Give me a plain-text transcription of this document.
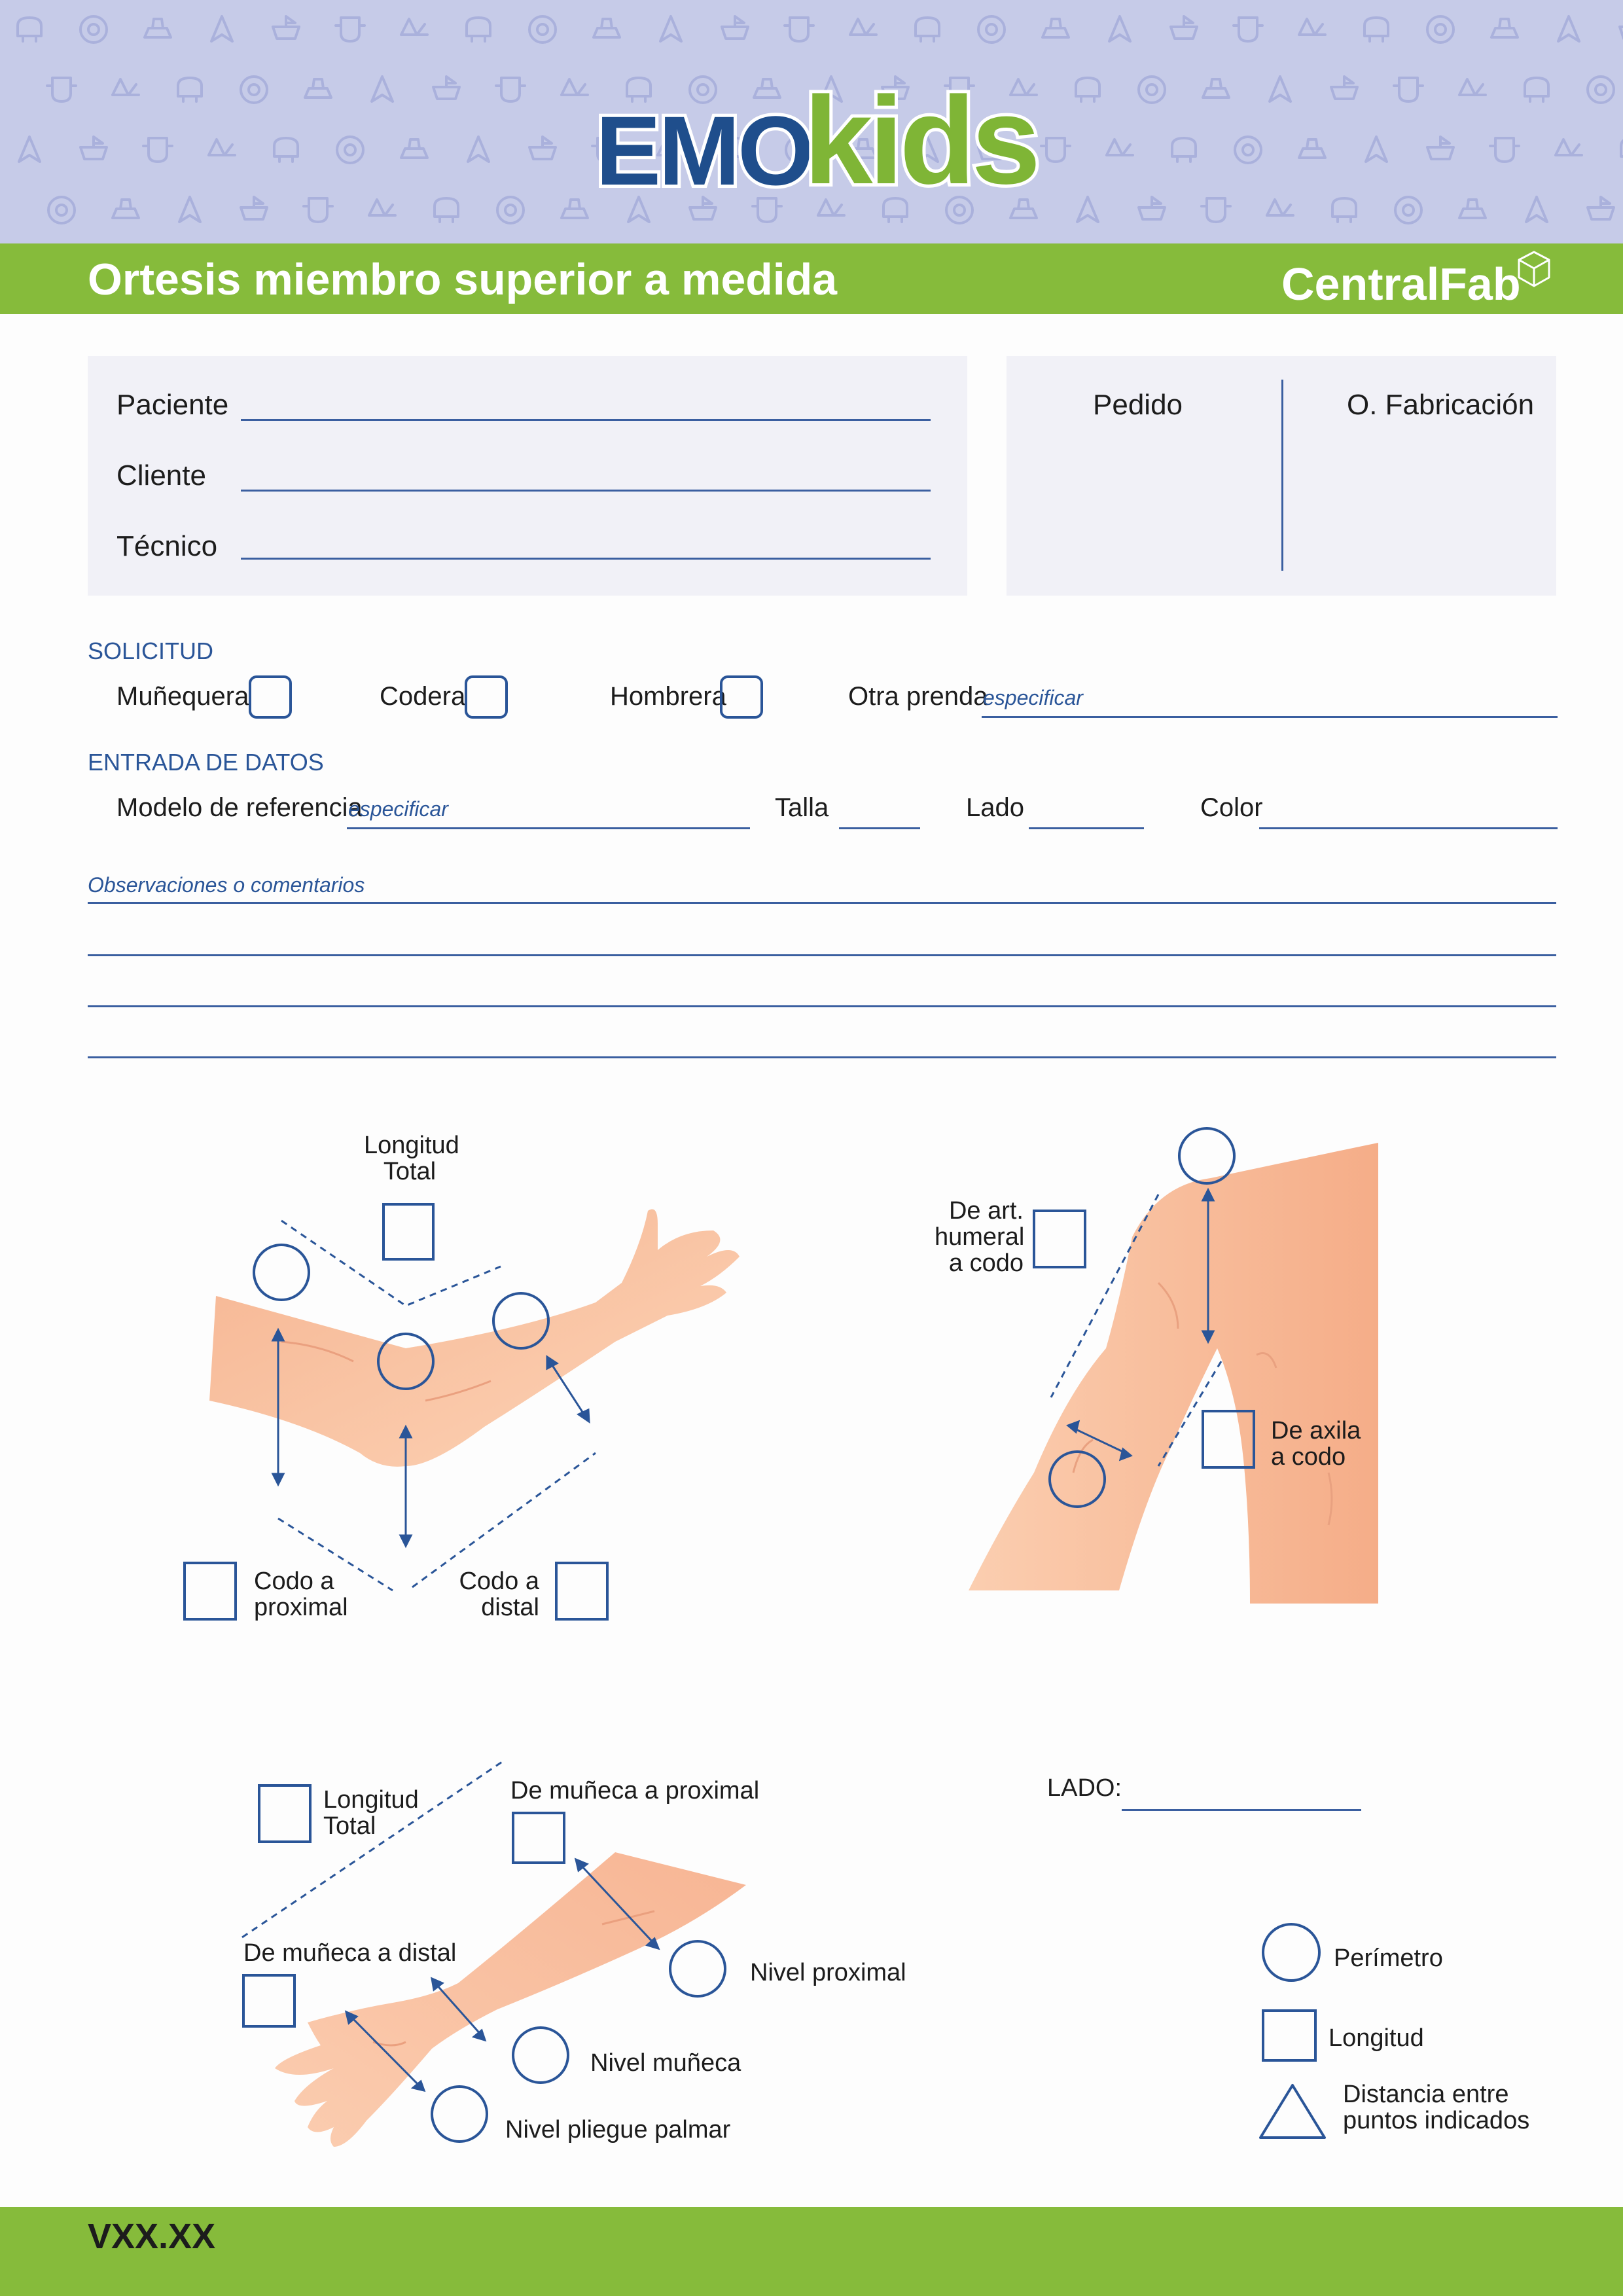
EMO
kids
Ortesis miembro superior a medida	CentralFab
Paciente
Cliente
Técnico
Pedido	O. Fabricación
SOLICITUD
Muñequera	Codera	Hombrera	Otra prenda
especificar
ENTRADA DE DATOS
Modelo de referencia
especificar	Talla	Lado	Color
Observaciones o comentarios
Longitud
Total
Codo a
proximal
Codo a
distal
De art.
humeral
a codo
De axila
a codo
Longitud
Total
De muñeca a proximal
De muñeca a distal
Nivel proximal
Nivel muñeca
Nivel pliegue palmar
LADO:
Perímetro
Longitud
Distancia entre
puntos indicados
VXX.XX
